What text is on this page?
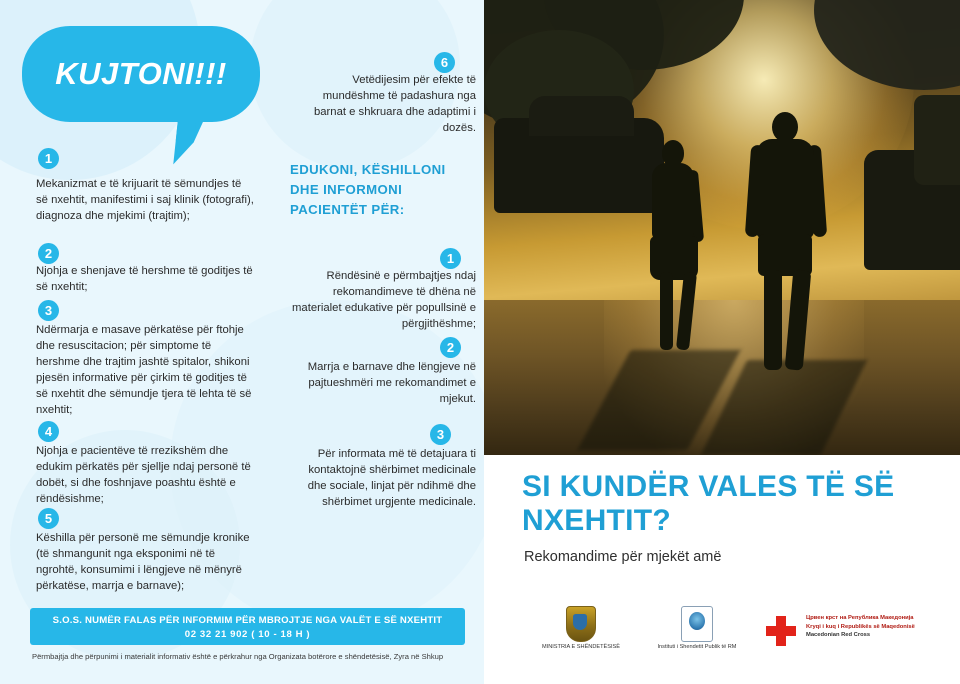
KUJTONI!!!
1
Mekanizmat e të krijuarit të sëmundjes të së nxehtit, manifestimi i saj klinik (fotografi), diagnoza dhe mjekimi (trajtim);
2
Njohja e shenjave të hershme të goditjes të së nxehtit;
3
Ndërmarja e masave përkatëse për ftohje dhe resuscitacion; për simptome të hershme dhe trajtim jashtë spitalor, shikoni pjesën informative për çirkim të goditjes të së nxehtit dhe sëmundje tjera të lehta të së nxehtit;
4
Njohja e pacientëve të rrezikshëm dhe edukim përkatës për sjellje ndaj personë të dobët, si dhe foshnjave poashtu është e rëndësishme;
5
Këshilla për personë me sëmundje kronike (të shmangunit nga eksponimi në të ngrohtë, konsumimi i lëngjeve në mënyrë përkatëse, marrja e barnave);
6
Vetëdijesim për efekte të mundëshme të padashura nga barnat e shkruara dhe adaptimi i dozës.
EDUKONI, KËSHILLONI DHE INFORMONI PACIENTËT PËR:
1
Rëndësinë e përmbajtjes ndaj rekomandimeve të dhëna në materialet edukative për popullsinë e përgjithëshme;
2
Marrja e barnave dhe lëngjeve në pajtueshmëri me rekomandimet e mjekut.
3
Për informata më të detajuara ti kontaktojnë shërbimet medicinale dhe sociale, linjat për ndihmë dhe shërbimet urgjente medicinale.
S.O.S. NUMËR FALAS PËR INFORMIM PËR MBROJTJE NGA VALËT E SË NXEHTIT
02 32 21 902 ( 10 - 18 H )
Përmbajtja dhe përpunimi i materialit informativ është e përkrahur nga Organizata botërore e shëndetësisë, Zyra në Shkup
SI KUNDËR VALES TË SË NXEHTIT?
Rekomandime për mjekët amë
MINISTRIA E SHËNDETËSISË	Instituti i Shendetit Publik të RM
Црвен крст на Република Македонија
Kryqi i kuq i Republikës së Maqedonisë
Macedonian Red Cross
